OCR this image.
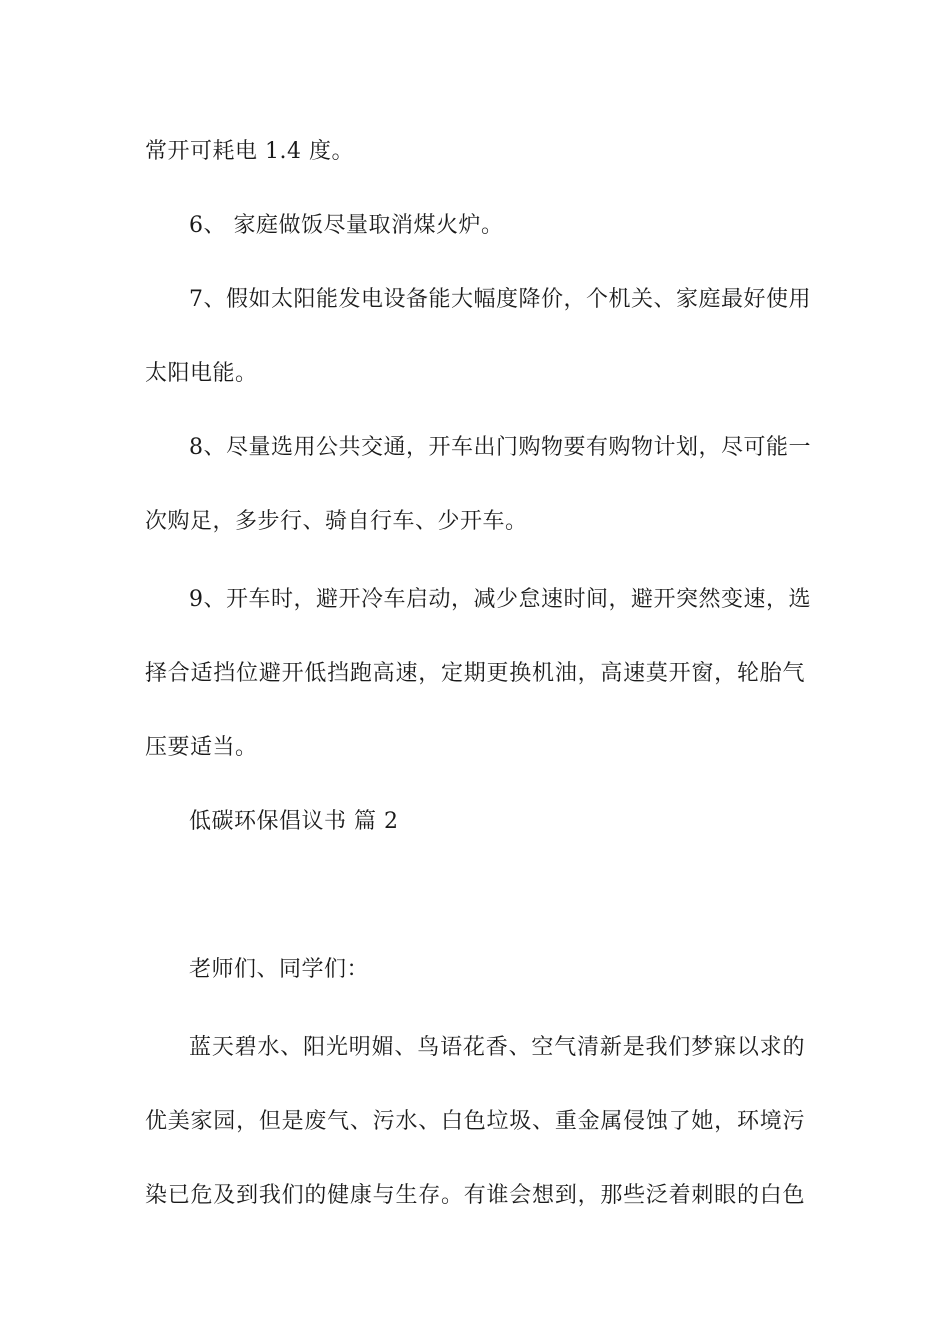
常开可耗电 1.4 度。
6、 家庭做饭尽量取消煤火炉。
7、假如太阳能发电设备能大幅度降价，个机关、家庭最好使用
太阳电能。
8、尽量选用公共交通，开车出门购物要有购物计划，尽可能一
次购足，多步行、骑自行车、少开车。
9、开车时，避开冷车启动，减少怠速时间，避开突然变速，选
择合适挡位避开低挡跑高速，定期更换机油，高速莫开窗，轮胎气
压要适当。
低碳环保倡议书 篇 2
老师们、同学们：
蓝天碧水、阳光明媚、鸟语花香、空气清新是我们梦寐以求的
优美家园，但是废气、污水、白色垃圾、重金属侵蚀了她，环境污
染已危及到我们的健康与生存。有谁会想到，那些泛着刺眼的白色
